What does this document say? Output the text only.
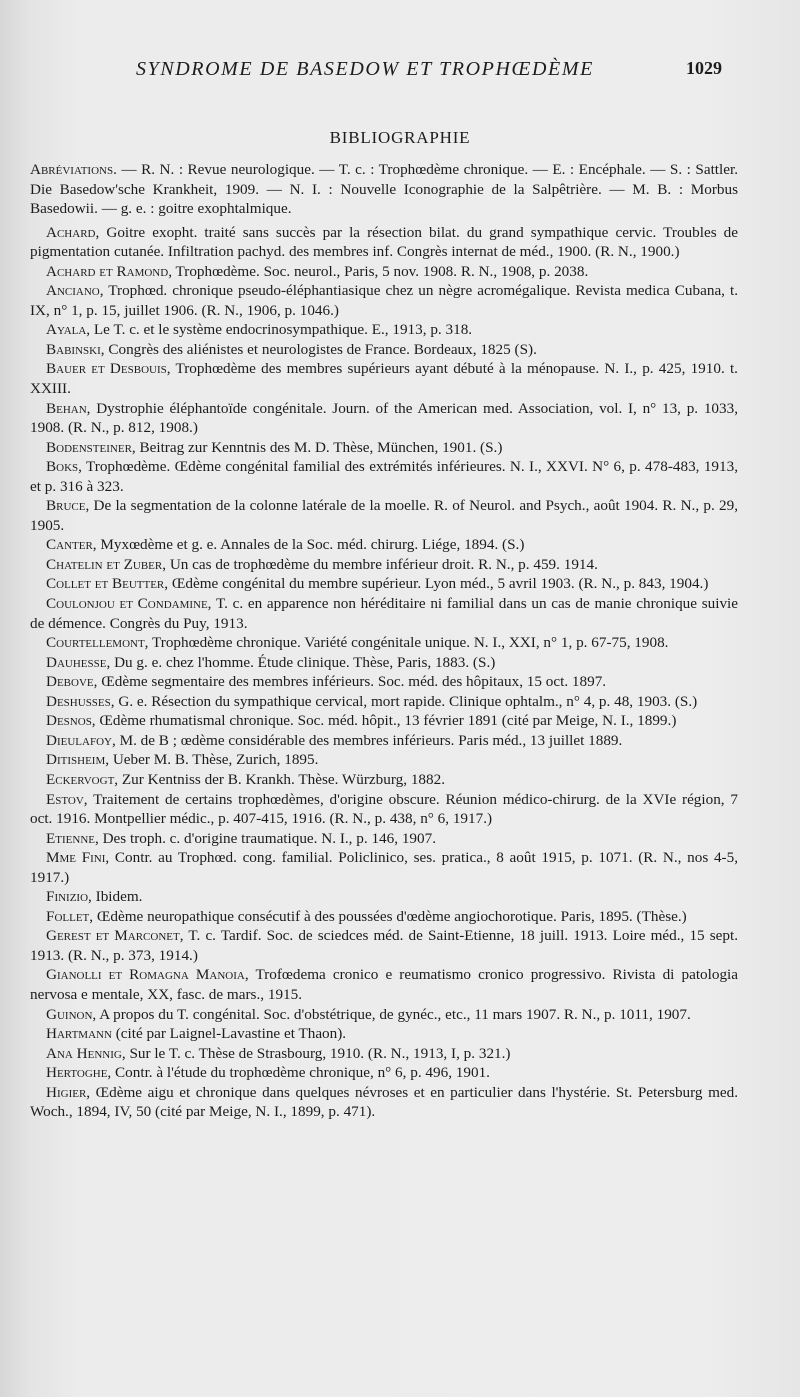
SYNDROME DE BASEDOW ET TROPHŒDÈME	1029
BIBLIOGRAPHIE

Abréviations. — R. N. : Revue neurologique. — T. c. : Trophœdème chronique. — E. : Encéphale. — S. : Sattler. Die Basedow'sche Krankheit, 1909. — N. I. : Nouvelle Iconographie de la Salpêtrière. — M. B. : Morbus Basedowii. — g. e. : goitre exophtalmique.

Achard, Goitre exopht. traité sans succès par la résection bilat. du grand sympathique cervic. Troubles de pigmentation cutanée. Infiltration pachyd. des membres inf. Congrès internat de méd., 1900. (R. N., 1900.)

Achard et Ramond, Trophœdème. Soc. neurol., Paris, 5 nov. 1908. R. N., 1908, p. 2038.

Anciano, Trophœd. chronique pseudo-éléphantiasique chez un nègre acromégalique. Revista medica Cubana, t. IX, n° 1, p. 15, juillet 1906. (R. N., 1906, p. 1046.)

Ayala, Le T. c. et le système endocrinosympathique. E., 1913, p. 318.

Babinski, Congrès des aliénistes et neurologistes de France. Bordeaux, 1825 (S).

Bauer et Desbouis, Trophœdème des membres supérieurs ayant débuté à la ménopause. N. I., p. 425, 1910. t. XXIII.

Behan, Dystrophie éléphantoïde congénitale. Journ. of the American med. Association, vol. I, n° 13, p. 1033, 1908. (R. N., p. 812, 1908.)

Bodensteiner, Beitrag zur Kenntnis des M. D. Thèse, München, 1901. (S.)

Boks, Trophœdème. Œdème congénital familial des extrémités inférieures. N. I., XXVI. N° 6, p. 478-483, 1913, et p. 316 à 323.

Bruce, De la segmentation de la colonne latérale de la moelle. R. of Neurol. and Psych., août 1904. R. N., p. 29, 1905.

Canter, Myxœdème et g. e. Annales de la Soc. méd. chirurg. Liége, 1894. (S.)

Chatelin et Zuber, Un cas de trophœdème du membre inférieur droit. R. N., p. 459. 1914.

Collet et Beutter, Œdème congénital du membre supérieur. Lyon méd., 5 avril 1903. (R. N., p. 843, 1904.)

Coulonjou et Condamine, T. c. en apparence non héréditaire ni familial dans un cas de manie chronique suivie de démence. Congrès du Puy, 1913.

Courtellemont, Trophœdème chronique. Variété congénitale unique. N. I., XXI, n° 1, p. 67-75, 1908.

Dauhesse, Du g. e. chez l'homme. Étude clinique. Thèse, Paris, 1883. (S.)

Debove, Œdème segmentaire des membres inférieurs. Soc. méd. des hôpitaux, 15 oct. 1897.

Deshusses, G. e. Résection du sympathique cervical, mort rapide. Clinique ophtalm., n° 4, p. 48, 1903. (S.)

Desnos, Œdème rhumatismal chronique. Soc. méd. hôpit., 13 février 1891 (cité par Meige, N. I., 1899.)

Dieulafoy, M. de B ; œdème considérable des membres inférieurs. Paris méd., 13 juillet 1889.

Ditisheim, Ueber M. B. Thèse, Zurich, 1895.

Eckervogt, Zur Kentniss der B. Krankh. Thèse. Würzburg, 1882.

Estov, Traitement de certains trophœdèmes, d'origine obscure. Réunion médico-chirurg. de la XVIe région, 7 oct. 1916. Montpellier médic., p. 407-415, 1916. (R. N., p. 438, n° 6, 1917.)

Etienne, Des troph. c. d'origine traumatique. N. I., p. 146, 1907.

Mme Fini, Contr. au Trophœd. cong. familial. Policlinico, ses. pratica., 8 août 1915, p. 1071. (R. N., nos 4-5, 1917.)

Finizio, Ibidem.

Follet, Œdème neuropathique consécutif à des poussées d'œdème angiochorotique. Paris, 1895. (Thèse.)

Gerest et Marconet, T. c. Tardif. Soc. de sciedces méd. de Saint-Etienne, 18 juill. 1913. Loire méd., 15 sept. 1913. (R. N., p. 373, 1914.)

Gianolli et Romagna Manoia, Trofœdema cronico e reumatismo cronico progressivo. Rivista di patologia nervosa e mentale, XX, fasc. de mars., 1915.

Guinon, A propos du T. congénital. Soc. d'obstétrique, de gynéc., etc., 11 mars 1907. R. N., p. 1011, 1907.

Hartmann (cité par Laignel-Lavastine et Thaon).

Ana Hennig, Sur le T. c. Thèse de Strasbourg, 1910. (R. N., 1913, I, p. 321.)

Hertoghe, Contr. à l'étude du trophœdème chronique, n° 6, p. 496, 1901.

Higier, Œdème aigu et chronique dans quelques névroses et en particulier dans l'hystérie. St. Petersburg med. Woch., 1894, IV, 50 (cité par Meige, N. I., 1899, p. 471).
